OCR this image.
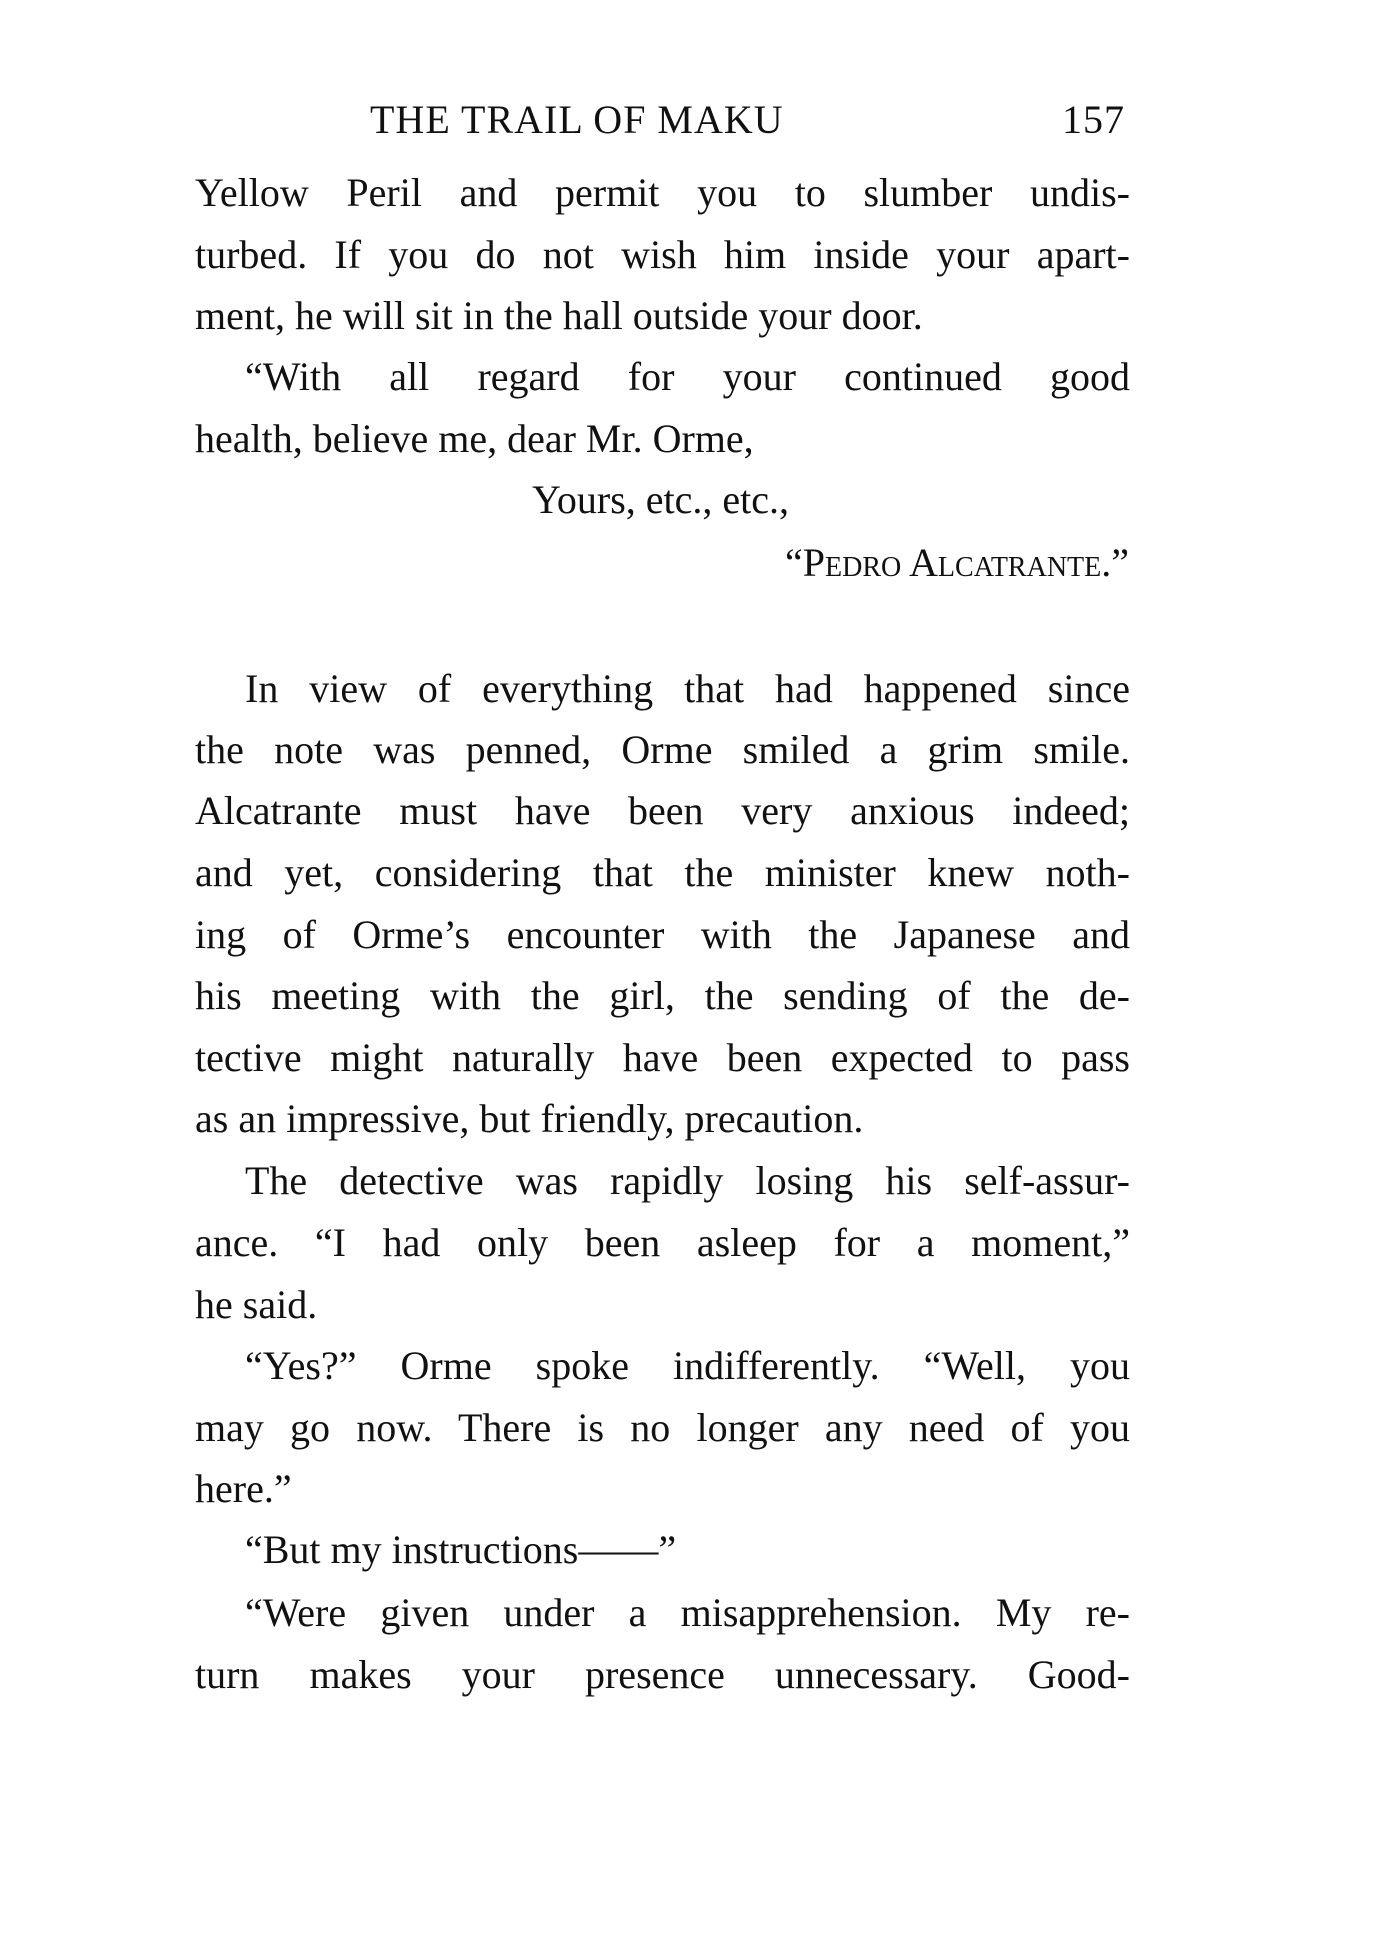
THE TRAIL OF MAKU	157
Yellow Peril and permit you to slumber undis-
turbed. If you do not wish him inside your apart-
ment, he will sit in the hall outside your door.
“With all regard for your continued good
health, believe me, dear Mr. Orme,
Yours, etc., etc.,
“Pedro Alcatrante.”
In view of everything that had happened since
the note was penned, Orme smiled a grim smile.
Alcatrante must have been very anxious indeed;
and yet, considering that the minister knew noth-
ing of Orme’s encounter with the Japanese and
his meeting with the girl, the sending of the de-
tective might naturally have been expected to pass
as an impressive, but friendly, precaution.
The detective was rapidly losing his self-assur-
ance. “I had only been asleep for a moment,”
he said.
“Yes?” Orme spoke indifferently. “Well, you
may go now. There is no longer any need of you
here.”
“But my instructions——”
“Were given under a misapprehension. My re-
turn makes your presence unnecessary. Good-
